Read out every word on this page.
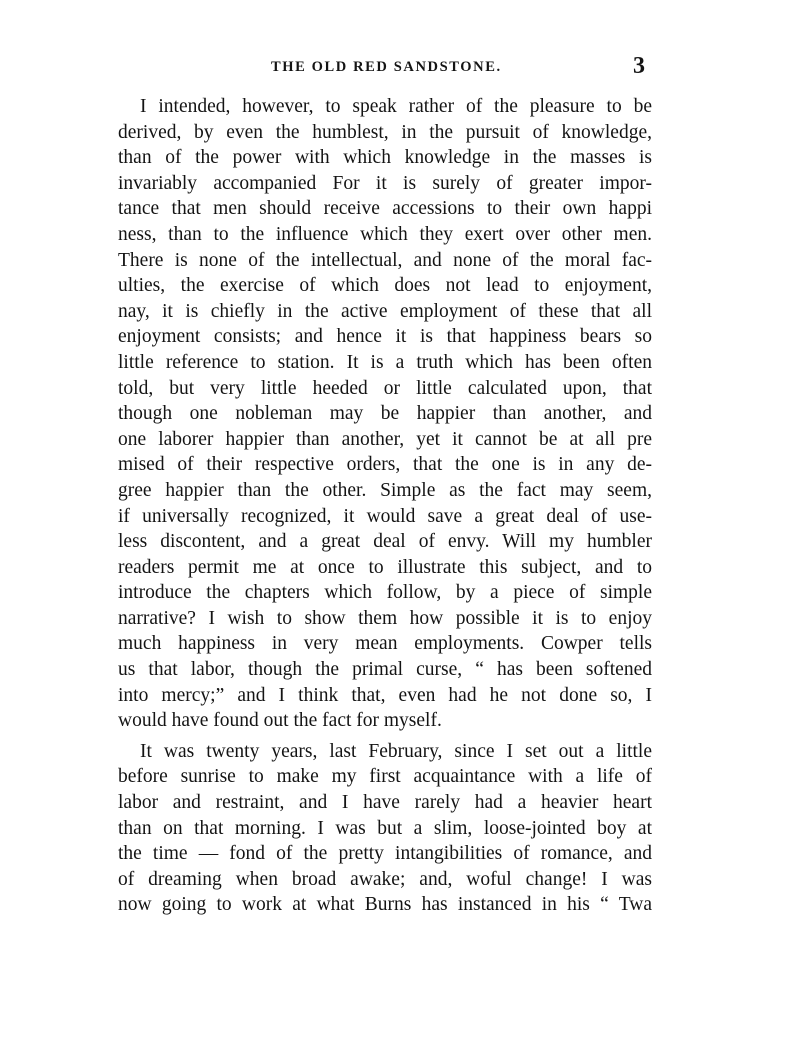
THE OLD RED SANDSTONE.	3
I intended, however, to speak rather of the pleasure to be
derived, by even the humblest, in the pursuit of knowledge,
than of the power with which knowledge in the masses is
invariably accompanied For it is surely of greater impor-
tance that men should receive accessions to their own happi
ness, than to the influence which they exert over other men.
There is none of the intellectual, and none of the moral fac-
ulties, the exercise of which does not lead to enjoyment,
nay, it is chiefly in the active employment of these that all
enjoyment consists; and hence it is that happiness bears so
little reference to station. It is a truth which has been often
told, but very little heeded or little calculated upon, that
though one nobleman may be happier than another, and
one laborer happier than another, yet it cannot be at all pre
mised of their respective orders, that the one is in any de-
gree happier than the other. Simple as the fact may seem,
if universally recognized, it would save a great deal of use-
less discontent, and a great deal of envy. Will my humbler
readers permit me at once to illustrate this subject, and to
introduce the chapters which follow, by a piece of simple
narrative? I wish to show them how possible it is to enjoy
much happiness in very mean employments. Cowper tells
us that labor, though the primal curse, “ has been softened
into mercy;” and I think that, even had he not done so, I
would have found out the fact for myself.
It was twenty years, last February, since I set out a little
before sunrise to make my first acquaintance with a life of
labor and restraint, and I have rarely had a heavier heart
than on that morning. I was but a slim, loose-jointed boy at
the time — fond of the pretty intangibilities of romance, and
of dreaming when broad awake; and, woful change! I was
now going to work at what Burns has instanced in his “ Twa
